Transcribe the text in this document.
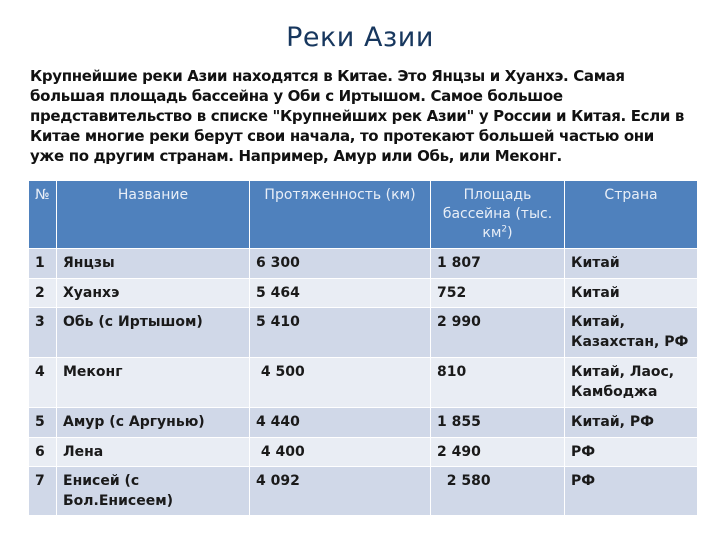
Реки Азии
Крупнейшие реки Азии находятся в Китае. Это Янцзы и Хуанхэ. Самая большая площадь бассейна у Оби с Иртышом. Самое большое представительство в списке "Крупнейших рек Азии" у России и Китая. Если в Китае многие реки берут свои начала, то протекают большей частью они уже по другим странам. Например, Амур или Обь, или Меконг.
№	Название	Протяженность (км)	Площадь бассейна (тыс. $км^2$)	Страна
1	Янцзы	6 300	1 807	Китай
2	Хуанхэ	5 464	752	Китай
3	Обь (с Иртышом)	5 410	2 990	Китай, Казахстан, РФ
4	Меконг	4 500	810	Китай, Лаос, Камбоджа
5	Амур (с Аргунью)	4 440	1 855	Китай, РФ
6	Лена	4 400	2 490	РФ
7	Енисей (с Бол.Енисеем)	4 092	2 580	РФ
